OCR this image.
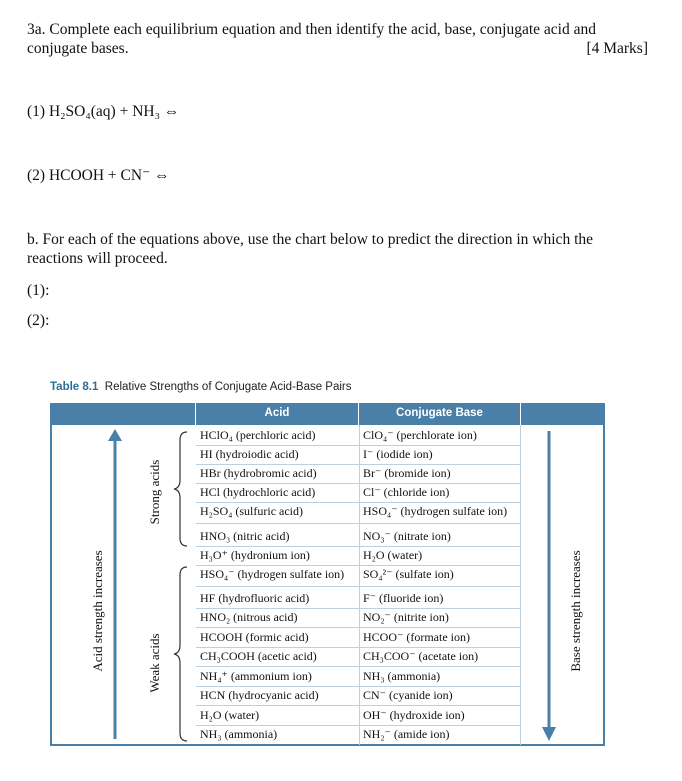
3a. Complete each equilibrium equation and then identify the acid, base, conjugate acid and
conjugate bases.	[4 Marks]
(1) H₂SO₄(aq) + NH₃ ⇔
(2) HCOOH + CN⁻ ⇔
b. For each of the equations above, use the chart below to predict the direction in which the
reactions will proceed.
(1):
(2):
Table 8.1 Relative Strengths of Conjugate Acid-Base Pairs
Acid	Conjugate Base
Acid strength increases
Strong acids
Weak acids	Base strength increases
HClO₄ (perchloric acid)	ClO₄⁻ (perchlorate ion)
HI (hydroiodic acid)	I⁻ (iodide ion)
HBr (hydrobromic acid)	Br⁻ (bromide ion)
HCl (hydrochloric acid)	Cl⁻ (chloride ion)
H₂SO₄ (sulfuric acid)	HSO₄⁻ (hydrogen sulfate ion)
HNO₃ (nitric acid)	NO₃⁻ (nitrate ion)
H₃O⁺ (hydronium ion)	H₂O (water)
HSO₄⁻ (hydrogen sulfate ion) SO₄²⁻ (sulfate ion)
HF (hydrofluoric acid)	F⁻ (fluoride ion)
HNO₂ (nitrous acid)	NO₂⁻ (nitrite ion)
HCOOH (formic acid)	HCOO⁻ (formate ion)
CH₃COOH (acetic acid)	CH₃COO⁻ (acetate ion)
NH₄⁺ (ammonium ion)	NH₃ (ammonia)
HCN (hydrocyanic acid)	CN⁻ (cyanide ion)
H₂O (water)	OH⁻ (hydroxide ion)
NH₃ (ammonia)	NH₂⁻ (amide ion)
